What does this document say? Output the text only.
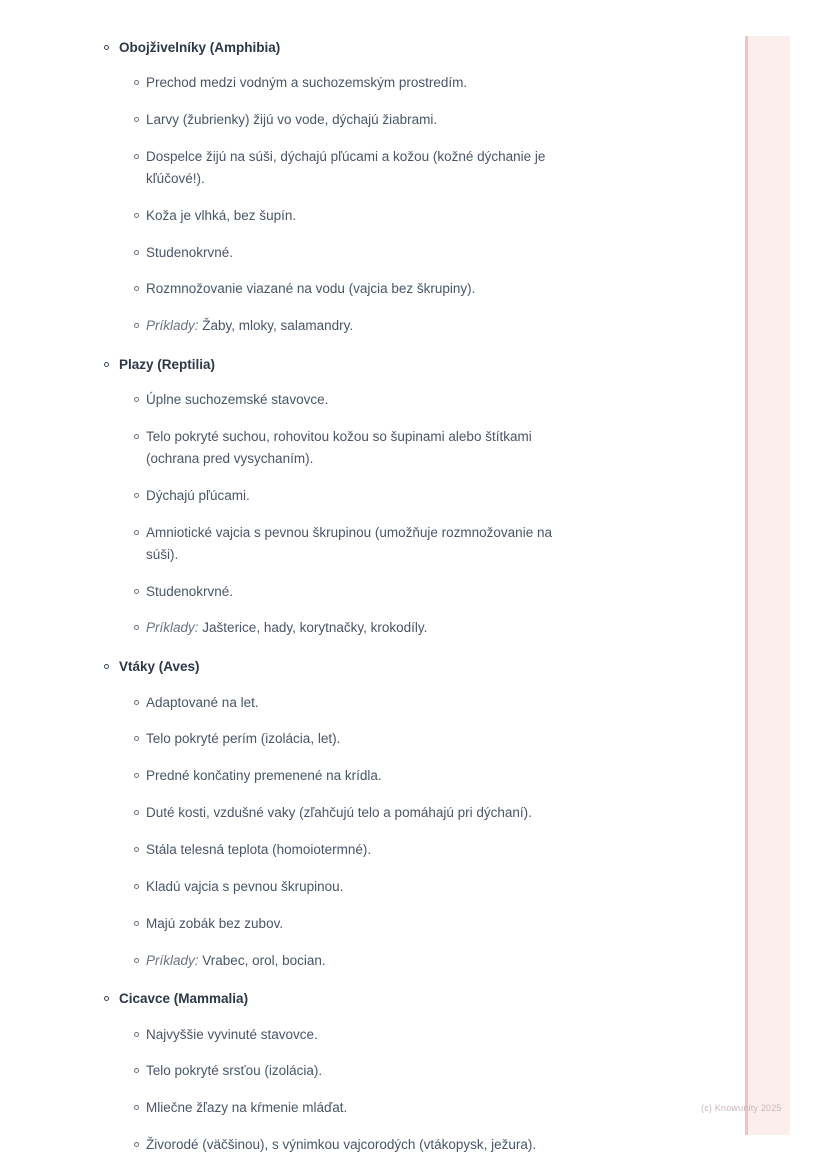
Obojživelníky (Amphibia)
Prechod medzi vodným a suchozemským prostredím.
Larvy (žubrienky) žijú vo vode, dýchajú žiabrami.
Dospelce žijú na súši, dýchajú pľúcami a kožou (kožné dýchanie je kľúčové!).
Koža je vlhká, bez šupín.
Studenokrvné.
Rozmnožovanie viazané na vodu (vajcia bez škrupiny).
Príklady: Žaby, mloky, salamandry.
Plazy (Reptilia)
Úplne suchozemské stavovce.
Telo pokryté suchou, rohovitou kožou so šupinami alebo štítkami (ochrana pred vysychaním).
Dýchajú pľúcami.
Amniotické vajcia s pevnou škrupinou (umožňuje rozmnožovanie na súši).
Studenokrvné.
Príklady: Jašterice, hady, korytnačky, krokodíly.
Vtáky (Aves)
Adaptované na let.
Telo pokryté perím (izolácia, let).
Predné končatiny premenené na krídla.
Duté kosti, vzdušné vaky (zľahčujú telo a pomáhajú pri dýchaní).
Stála telesná teplota (homoiotermné).
Kladú vajcia s pevnou škrupinou.
Majú zobák bez zubov.
Príklady: Vrabec, orol, bocian.
Cicavce (Mammalia)
Najvyššie vyvinuté stavovce.
Telo pokryté srsťou (izolácia).
Mliečne žľazy na kŕmenie mláďat.
Živorodé (väčšinou), s výnimkou vajcorodých (vtákopysk, ježura).
(c) Knowunity 2025
